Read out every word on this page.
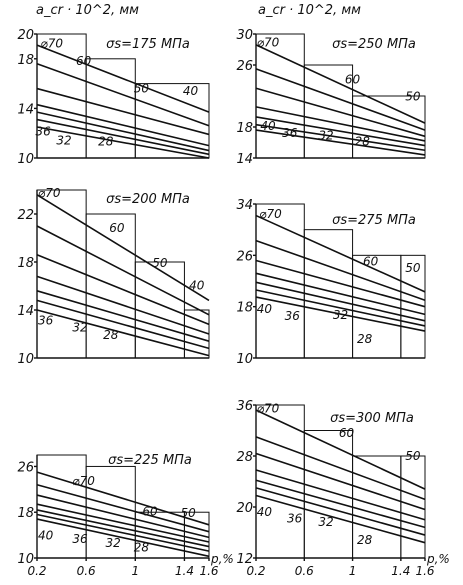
a_cr · 10^2, мм	a_cr · 10^2, мм
10
14
18
20
⌀70
60
50	40
36
32 28
σs=175 МПа
14
18
26
30 ⌀70
60
50
40 36 32 28
σs=250 МПа
10
14
18
22
⌀70
60
50
40
36
32
28
σs=200 МПа
10
18
26
34
⌀70
60 50
40
36	32
28
σs=275 МПа
10
18
26
0.2	0.6	1	1.4 1.6
p,%
⌀70
60 50
40 36 32 28
σs=225 МПа
12
20
28
36
0.2 0.6	1	1.4 1.6
p,%
⌀70
60
50
40 36 32
28
σs=300 МПа
